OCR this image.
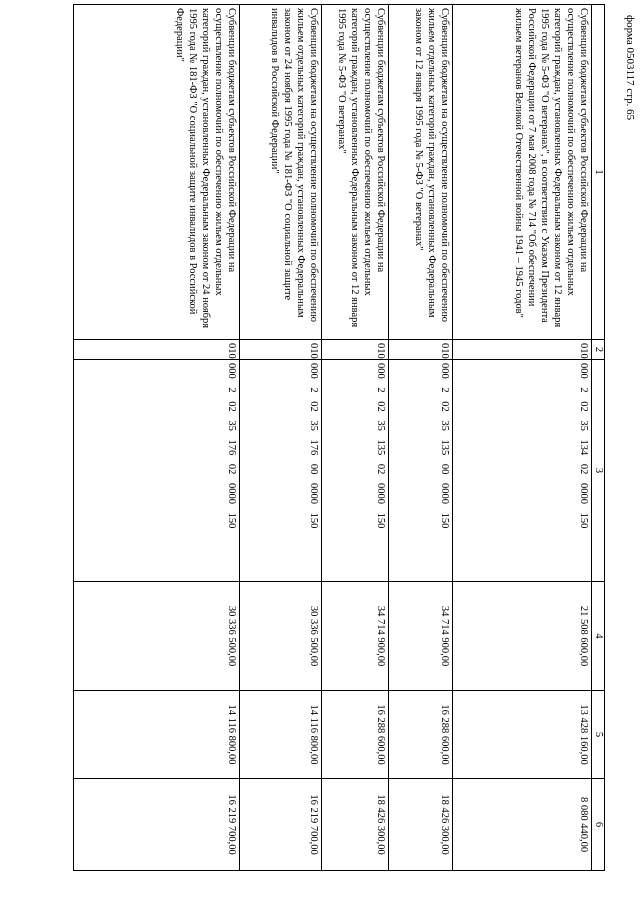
форма 0503117 стр. 65
1	2	3	4	5	6
Субвенции бюджетам субъектов Российской Федерации на осуществление полномочий по обеспечению жильем отдельных категорий граждан, установленных Федеральным законом от 12 января 1995 года № 5-ФЗ "О ветеранах", в соответствии с Указом Президента Российской Федерации от 7 мая 2008 года № 714 "Об обеспечении жильем ветеранов Великой Отечественной войны 1941 – 1945 годов"	010	000 2 02 35 134 02 0000 150	21 508 600,00	13 428 160,00	8 080 440,00
Субвенции бюджетам на осуществление полномочий по обеспечению жильем отдельных категорий граждан, установленных Федеральным законом от 12 января 1995 года № 5-ФЗ "О ветеранах"	010	000 2 02 35 135 00 0000 150	34 714 900,00	16 288 600,00	18 426 300,00
Субвенции бюджетам субъектов Российской Федерации на осуществление полномочий по обеспечению жильем отдельных категорий граждан, установленных Федеральным законом от 12 января 1995 года № 5-ФЗ "О ветеранах"	010	000 2 02 35 135 02 0000 150	34 714 900,00	16 288 600,00	18 426 300,00
Субвенции бюджетам на осуществление полномочий по обеспечению жильем отдельных категорий граждан, установленных Федеральным законом от 24 ноября 1995 года № 181-ФЗ "О социальной защите инвалидов в Российской Федерации"	010	000 2 02 35 176 00 0000 150	30 336 500,00	14 116 800,00	16 219 700,00
Субвенции бюджетам субъектов Российской Федерации на осуществление полномочий по обеспечению жильем отдельных категорий граждан, установленных Федеральным законом от 24 ноября 1995 года № 181-ФЗ "О социальной защите инвалидов в Российской Федерации"	010	000 2 02 35 176 02 0000 150	30 336 500,00	14 116 800,00	16 219 700,00
